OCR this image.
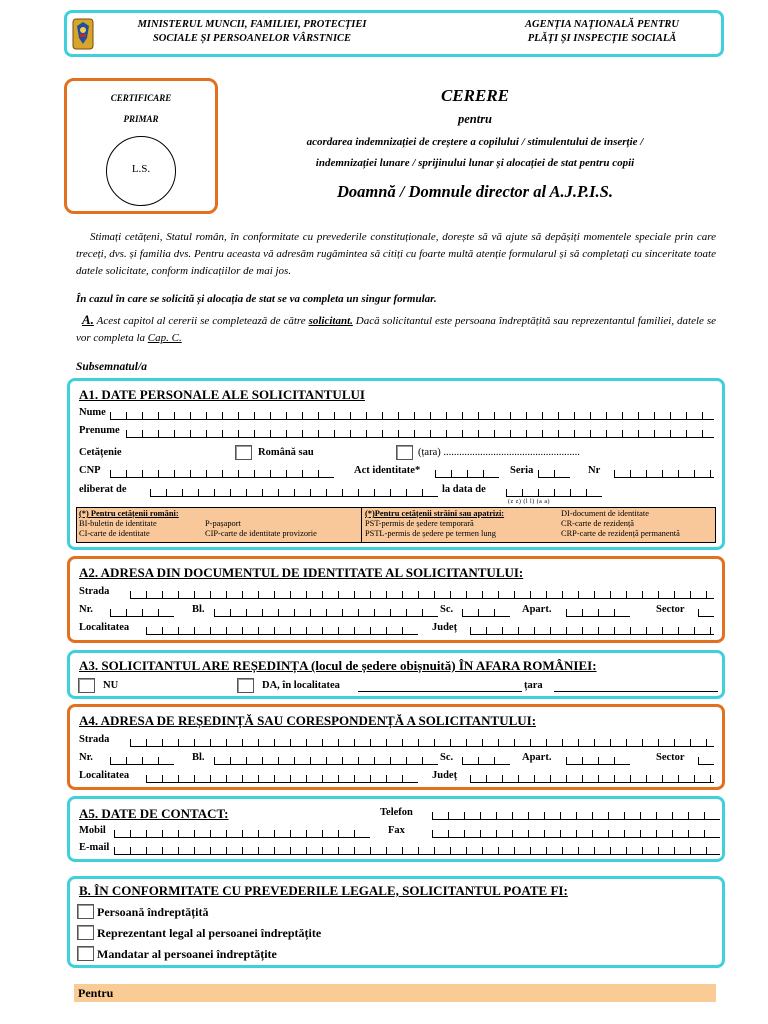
MINISTERUL MUNCII, FAMILIEI, PROTECȚIEI
SOCIALE ȘI PERSOANELOR VÂRSTNICE
AGENȚIA NAȚIONALĂ PENTRU
PLĂȚI ȘI INSPECȚIE SOCIALĂ
CERTIFICARE
PRIMAR
L.S.
CERERE
pentru
acordarea indemnizației de creștere a copilului / stimulentului de inserție /
indemnizației lunare / sprijinului lunar și alocației de stat pentru copii
Doamnă / Domnule director al A.J.P.I.S.
Stimați cetățeni, Statul român, în conformitate cu prevederile constituționale, dorește să vă ajute să depășiți momentele speciale prin care treceți, dvs. și familia dvs. Pentru aceasta vă adresăm rugămintea să citiți cu foarte multă atenție formularul și să completați cu sinceritate toate datele solicitate, conform indicațiilor de mai jos.
În cazul în care se solicită și alocația de stat se va completa un singur formular.
A. Acest capitol al cererii se completează de către solicitant. Dacă solicitantul este persoana îndreptățită sau reprezentantul familiei, datele se vor completa la Cap. C.
Subsemnatul/a
A1. DATE PERSONALE ALE SOLICITANTULUI
Nume
Prenume
Cetățenie	Română sau	(țara) ....................................................
CNP	Act identitate*	Seria	Nr
eliberat de	la data de
(z z) (l l) (a a)
(*) Pentru cetățenii români:
BI-buletin de identitate
CI-carte de identitate
P-pașaport
CIP-carte de identitate provizorie
(*)Pentru cetățenii străini sau apatrizi:
PST-permis de ședere temporară
PSTL-permis de ședere pe termen lung
DI-document de identitate
CR-carte de rezidență
CRP-carte de rezidență permanentă
A2. ADRESA DIN DOCUMENTUL DE IDENTITATE AL SOLICITANTULUI:
Strada
Nr.	Bl.	Sc.	Apart.	Sector
Localitatea	Județ
A3. SOLICITANTUL ARE REȘEDINȚA (locul de ședere obișnuită) ÎN AFARA ROMÂNIEI:
NU	DA, în localitatea	țara
A4. ADRESA DE REȘEDINȚĂ SAU CORESPONDENȚĂ A SOLICITANTULUI:
Strada
Nr.	Bl.	Sc.	Apart.	Sector
Localitatea	Județ
A5. DATE DE CONTACT:	Telefon
Mobil	Fax
E-mail
B. ÎN CONFORMITATE CU PREVEDERILE LEGALE, SOLICITANTUL POATE FI:
Persoană îndreptățită
Reprezentant legal al persoanei îndreptățite
Mandatar al persoanei îndreptățite
Pentru
